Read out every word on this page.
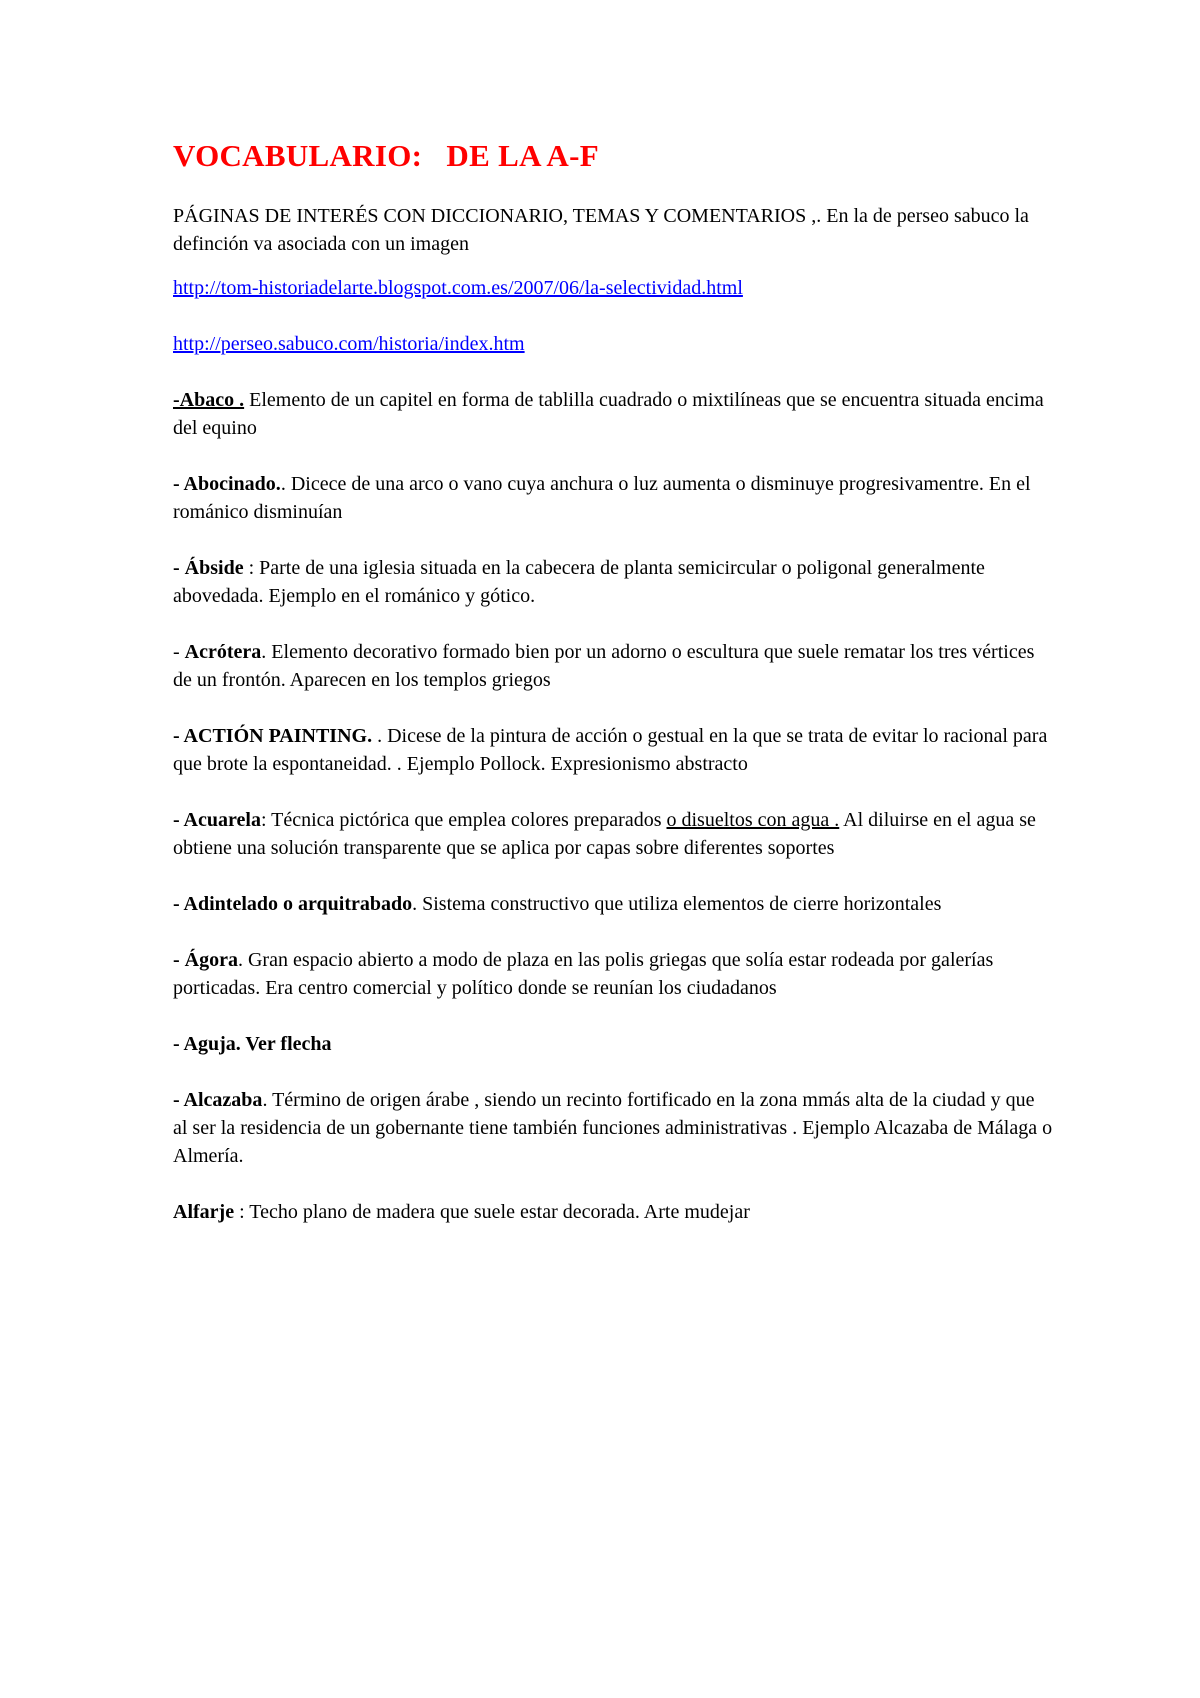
VOCABULARIO:   DE LA A-F

PÁGINAS DE INTERÉS CON DICCIONARIO, TEMAS Y COMENTARIOS ,. En la de perseo sabuco la definción va asociada con un imagen

http://tom-historiadelarte.blogspot.com.es/2007/06/la-selectividad.html
http://perseo.sabuco.com/historia/index.htm

-Abaco . Elemento de un capitel en forma de tablilla cuadrado o mixtilíneas que se encuentra situada encima del equino

- Abocinado.. Dicece de una arco o vano cuya anchura o luz aumenta o disminuye progresivamentre. En el románico disminuían

- Ábside : Parte de una iglesia situada en la cabecera de planta semicircular o poligonal generalmente abovedada. Ejemplo en el románico y gótico.

- Acrótera. Elemento decorativo formado bien por un adorno o escultura que suele rematar los tres vértices de un frontón. Aparecen en los templos griegos

- ACTIÓN PAINTING. . Dicese de la pintura de acción o gestual en la que se trata de evitar lo racional para que brote la espontaneidad. . Ejemplo Pollock. Expresionismo abstracto

- Acuarela: Técnica pictórica que emplea colores preparados o disueltos con agua . Al diluirse en el agua se obtiene una solución transparente que se aplica por capas sobre diferentes soportes

- Adintelado o arquitrabado. Sistema constructivo que utiliza elementos de cierre horizontales

- Ágora. Gran espacio abierto a modo de plaza en las polis griegas que solía estar rodeada por galerías porticadas. Era centro comercial y político donde se reunían los ciudadanos

- Aguja. Ver flecha

- Alcazaba. Término de origen árabe , siendo un recinto fortificado en la zona mmás alta de la ciudad y que al ser la residencia de un gobernante tiene también funciones administrativas . Ejemplo Alcazaba de Málaga o Almería.

Alfarje : Techo plano de madera que suele estar decorada. Arte mudejar
